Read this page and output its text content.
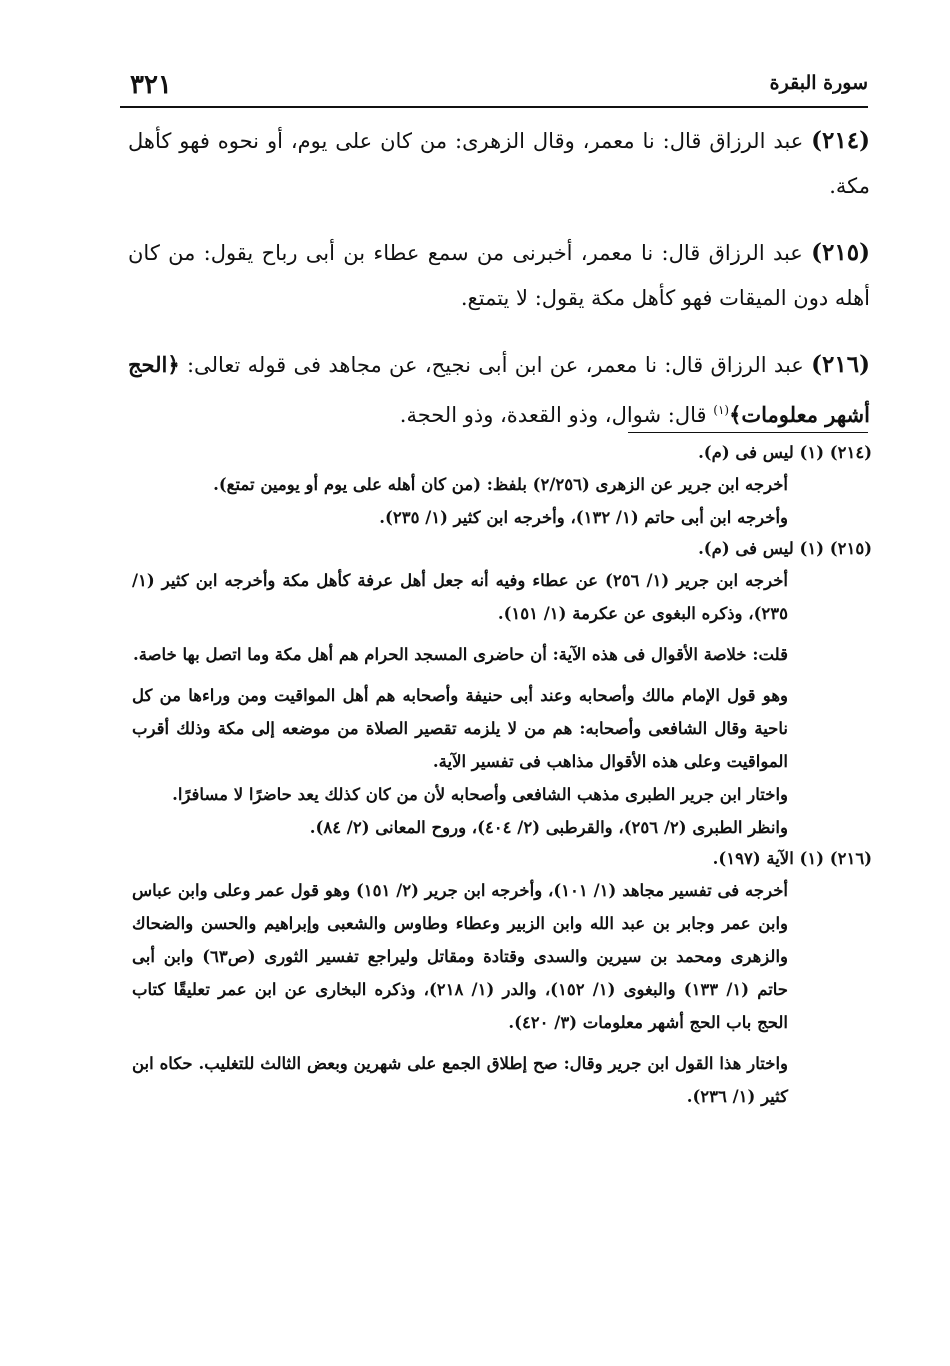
سورة البقرة
٣٢١

(٢١٤) عبد الرزاق قال: نا معمر، وقال الزهرى: من كان على يوم، أو نحوه فهو كأهل مكة.

(٢١٥) عبد الرزاق قال: نا معمر، أخبرنى من سمع عطاء بن أبى رباح يقول: من كان أهله دون الميقات فهو كأهل مكة يقول: لا يتمتع.

(٢١٦) عبد الرزاق قال: نا معمر، عن ابن أبى نجيح، عن مجاهد فى قوله تعالى: ﴿الحج أشهر معلومات﴾$^{(١)}$ قال: شوال، وذو القعدة، وذو الحجة.

(٢١٤) (١) ليس فى (م).
أخرجه ابن جرير عن الزهرى (٢/٢٥٦) بلفظ: (من كان أهله على يوم أو يومين تمتع).
وأخرجه ابن أبى حاتم (١/ ١٣٢)، وأخرجه ابن كثير (١/ ٢٣٥).
(٢١٥) (١) ليس فى (م).
أخرجه ابن جرير (١/ ٢٥٦) عن عطاء وفيه أنه جعل أهل عرفة كأهل مكة وأخرجه ابن كثير (١/ ٢٣٥)، وذكره البغوى عن عكرمة (١/ ١٥١).
قلت: خلاصة الأقوال فى هذه الآية: أن حاضرى المسجد الحرام هم أهل مكة وما اتصل بها خاصة.
وهو قول الإمام مالك وأصحابه وعند أبى حنيفة وأصحابه هم أهل المواقيت ومن وراءها من كل ناحية وقال الشافعى وأصحابه: هم من لا يلزمه تقصير الصلاة من موضعه إلى مكة وذلك أقرب المواقيت وعلى هذه الأقوال مذاهب فى تفسير الآية.
واختار ابن جرير الطبرى مذهب الشافعى وأصحابه لأن من كان كذلك يعد حاضرًا لا مسافرًا.
وانظر الطبرى (٢/ ٢٥٦)، والقرطبى (٢/ ٤٠٤)، وروح المعانى (٢/ ٨٤).
(٢١٦) (١) الآية (١٩٧).
أخرجه فى تفسير مجاهد (١/ ١٠١)، وأخرجه ابن جرير (٢/ ١٥١) وهو قول عمر وعلى وابن عباس وابن عمر وجابر بن عبد الله وابن الزبير وعطاء وطاوس والشعبى وإبراهيم والحسن والضحاك والزهرى ومحمد بن سيرين والسدى وقتادة ومقاتل وليراجع تفسير الثورى (ص٦٣) وابن أبى حاتم (١/ ١٣٣) والبغوى (١/ ١٥٢)، والدر (١/ ٢١٨)، وذكره البخارى عن ابن عمر تعليقًا كتاب الحج باب الحج أشهر معلومات (٣/ ٤٢٠).
واختار هذا القول ابن جرير وقال: صح إطلاق الجمع على شهرين وبعض الثالث للتغليب. حكاه ابن كثير (١/ ٢٣٦).
